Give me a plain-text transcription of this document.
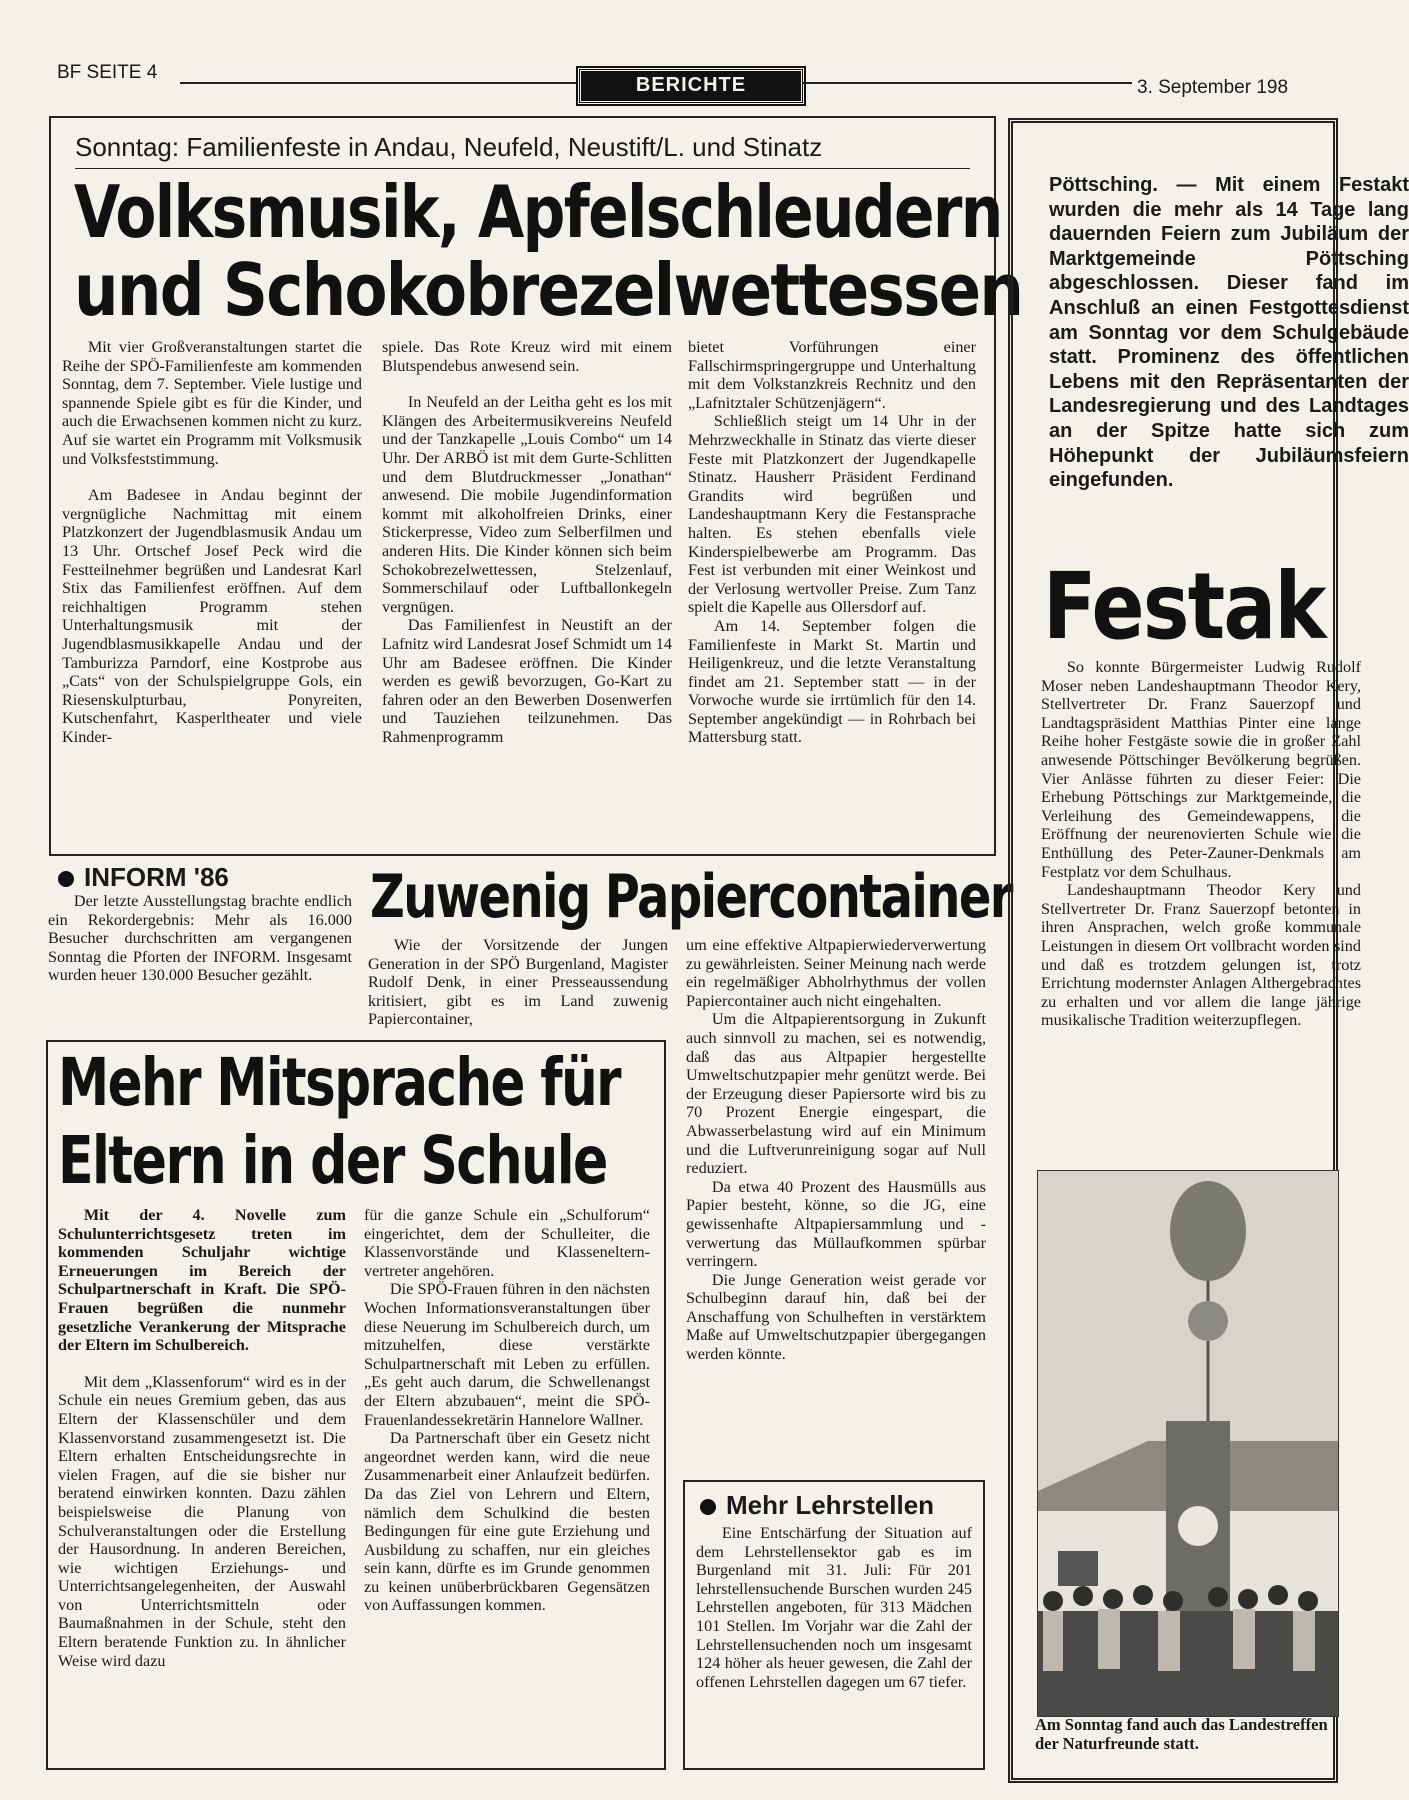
BF SEITE 4
BERICHTE	3. September 198
Sonntag: Familienfeste in Andau, Neufeld, Neustift/L. und Stinatz
Volksmusik, Apfelschleudern
und Schokobrezelwettessen

Mit vier Großveranstaltungen startet die Reihe der SPÖ-Familienfeste am kommenden Sonntag, dem 7. September. Viele lustige und spannende Spiele gibt es für die Kinder, und auch die Erwachsenen kommen nicht zu kurz. Auf sie wartet ein Programm mit Volksmusik und Volksfeststimmung.

Am Badesee in Andau beginnt der vergnügliche Nachmittag mit einem Platzkonzert der Jugendblasmusik Andau um 13 Uhr. Ortschef Josef Peck wird die Festteilnehmer begrüßen und Landesrat Karl Stix das Familienfest eröffnen. Auf dem reichhaltigen Programm stehen Unterhaltungsmusik mit der Jugendblasmusikkapelle Andau und der Tamburizza Parndorf, eine Kostprobe aus „Cats“ von der Schulspielgruppe Gols, ein Riesenskulpturbau, Ponyreiten, Kutschenfahrt, Kasperltheater und viele Kinder-

spiele. Das Rote Kreuz wird mit einem Blutspendebus anwesend sein.

In Neufeld an der Leitha geht es los mit Klängen des Arbeitermusikvereins Neufeld und der Tanzkapelle „Louis Combo“ um 14 Uhr. Der ARBÖ ist mit dem Gurte-Schlitten und dem Blutdruckmesser „Jonathan“ anwesend. Die mobile Jugendinformation kommt mit alkoholfreien Drinks, einer Stickerpresse, Video zum Selberfilmen und anderen Hits. Die Kinder können sich beim Schokobrezelwettessen, Stelzenlauf, Sommerschilauf oder Luftballonkegeln vergnügen.

Das Familienfest in Neustift an der Lafnitz wird Landesrat Josef Schmidt um 14 Uhr am Badesee eröffnen. Die Kinder werden es gewiß bevorzugen, Go-Kart zu fahren oder an den Bewerben Dosenwerfen und Tauziehen teilzunehmen. Das Rahmenprogramm

bietet Vorführungen einer Fallschirmspringergruppe und Unterhaltung mit dem Volkstanzkreis Rechnitz und den „Lafnitztaler Schützenjägern“.

Schließlich steigt um 14 Uhr in der Mehrzweckhalle in Stinatz das vierte dieser Feste mit Platzkonzert der Jugendkapelle Stinatz. Hausherr Präsident Ferdinand Grandits wird begrüßen und Landeshauptmann Kery die Festansprache halten. Es stehen ebenfalls viele Kinderspielbewerbe am Programm. Das Fest ist verbunden mit einer Weinkost und der Verlosung wertvoller Preise. Zum Tanz spielt die Kapelle aus Ollersdorf auf.

Am 14. September folgen die Familienfeste in Markt St. Martin und Heiligenkreuz, und die letzte Veranstaltung findet am 21. September statt — in der Vorwoche wurde sie irrtümlich für den 14. September angekündigt — in Rohrbach bei Mattersburg statt.

INFORM '86

Der letzte Ausstellungstag brachte endlich ein Rekordergebnis: Mehr als 16.000 Besucher durchschritten am vergangenen Sonntag die Pforten der INFORM. Insgesamt wurden heuer 130.000 Besucher gezählt.

Zuwenig Papiercontainer

Wie der Vorsitzende der Jungen Generation in der SPÖ Burgenland, Magister Rudolf Denk, in einer Presseaussendung kritisiert, gibt es im Land zuwenig Papiercontainer,

um eine effektive Altpapierwiederverwertung zu gewährleisten. Seiner Meinung nach werde ein regelmäßiger Abholrhythmus der vollen Papiercontainer auch nicht eingehalten.

Um die Altpapierentsorgung in Zukunft auch sinnvoll zu machen, sei es notwendig, daß das aus Altpapier hergestellte Umweltschutzpapier mehr genützt werde. Bei der Erzeugung dieser Papiersorte wird bis zu 70 Prozent Energie eingespart, die Abwasserbelastung wird auf ein Minimum und die Luftverunreinigung sogar auf Null reduziert.

Da etwa 40 Prozent des Hausmülls aus Papier besteht, könne, so die JG, eine gewissenhafte Altpapiersammlung und -verwertung das Müllaufkommen spürbar verringern.

Die Junge Generation weist gerade vor Schulbeginn darauf hin, daß bei der Anschaffung von Schulheften in verstärktem Maße auf Umweltschutzpapier übergegangen werden könnte.

Mehr Mitsprache für
Eltern in der Schule

Mit der 4. Novelle zum Schulunterrichtsgesetz treten im kommenden Schuljahr wichtige Erneuerungen im Bereich der Schulpartnerschaft in Kraft. Die SPÖ-Frauen begrüßen die nunmehr gesetzliche Verankerung der Mitsprache der Eltern im Schulbereich.

Mit dem „Klassenforum“ wird es in der Schule ein neues Gremium geben, das aus Eltern der Klassenschüler und dem Klassenvorstand zusammengesetzt ist. Die Eltern erhalten Entscheidungsrechte in vielen Fragen, auf die sie bisher nur beratend einwirken konnten. Dazu zählen beispielsweise die Planung von Schulveranstaltungen oder die Erstellung der Hausordnung. In anderen Bereichen, wie wichtigen Erziehungs- und Unterrichtsangelegenheiten, der Auswahl von Unterrichtsmitteln oder Baumaßnahmen in der Schule, steht den Eltern beratende Funktion zu. In ähnlicher Weise wird dazu

für die ganze Schule ein „Schulforum“ eingerichtet, dem der Schulleiter, die Klassenvorstände und Klassenelternvertreter angehören.

Die SPÖ-Frauen führen in den nächsten Wochen Informationsveranstaltungen über diese Neuerung im Schulbereich durch, um mitzuhelfen, diese verstärkte Schulpartnerschaft mit Leben zu erfüllen. „Es geht auch darum, die Schwellenangst der Eltern abzubauen“, meint die SPÖ-Frauenlandessekretärin Hannelore Wallner.

Da Partnerschaft über ein Gesetz nicht angeordnet werden kann, wird die neue Zusammenarbeit einer Anlaufzeit bedürfen. Da das Ziel von Lehrern und Eltern, nämlich dem Schulkind die besten Bedingungen für eine gute Erziehung und Ausbildung zu schaffen, nur ein gleiches sein kann, dürfte es im Grunde genommen zu keinen unüberbrückbaren Gegensätzen von Auffassungen kommen.

Mehr Lehrstellen

Eine Entschärfung der Situation auf dem Lehrstellensektor gab es im Burgenland mit 31. Juli: Für 201 lehrstellensuchende Burschen wurden 245 Lehrstellen angeboten, für 313 Mädchen 101 Stellen. Im Vorjahr war die Zahl der Lehrstellensuchenden noch um insgesamt 124 höher als heuer gewesen, die Zahl der offenen Lehrstellen dagegen um 67 tiefer.

Pöttsching. — Mit einem Festakt wurden die mehr als 14 Tage lang dauernden Feiern zum Jubiläum der Marktgemeinde Pöttsching abgeschlossen. Dieser fand im Anschluß an einen Festgottesdienst am Sonntag vor dem Schulgebäude statt. Prominenz des öffentlichen Lebens mit den Repräsentanten der Landesregierung und des Landtages an der Spitze hatte sich zum Höhepunkt der Jubiläumsfeiern eingefunden.
Festak

So konnte Bürgermeister Ludwig Rudolf Moser neben Landeshauptmann Theodor Kery, Stellvertreter Dr. Franz Sauerzopf und Landtagspräsident Matthias Pinter eine lange Reihe hoher Festgäste sowie die in großer Zahl anwesende Pöttschinger Bevölkerung begrüßen. Vier Anlässe führten zu dieser Feier: Die Erhebung Pöttschings zur Marktgemeinde, die Verleihung des Gemeindewappens, die Eröffnung der neurenovierten Schule wie die Enthüllung des Peter-Zauner-Denkmals am Festplatz vor dem Schulhaus.

Landeshauptmann Theodor Kery und Stellvertreter Dr. Franz Sauerzopf betonten in ihren Ansprachen, welch große kommunale Leistungen in diesem Ort vollbracht worden sind und daß es trotzdem gelungen ist, trotz Errichtung modernster Anlagen Althergebrachtes zu erhalten und vor allem die lange jährige musikalische Tradition weiterzupflegen.

Am Sonntag fand auch das Landestreffen der Naturfreunde statt.
